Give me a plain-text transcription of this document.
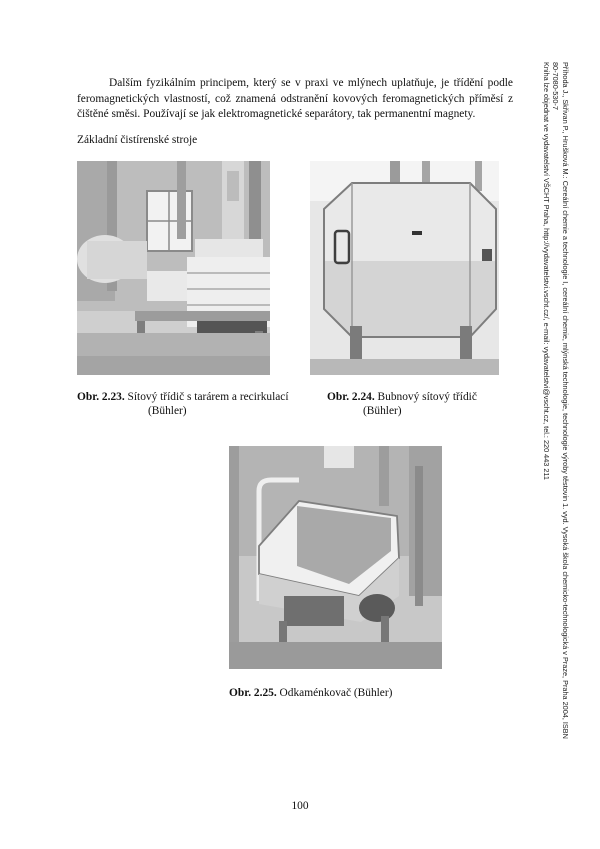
Dalším fyzikálním principem, který se v praxi ve mlýnech uplatňuje, je třídění podle feromagnetických vlastností, což znamená odstranění kovových feromagnetických příměsí z čištěné směsi. Používají se jak elektromagnetické separátory, tak permanentní magnety.
Základní čistírenské stroje
Obr. 2.23. Sítový třídič s tarárem a recirkulací
(Bühler)
Obr. 2.24. Bubnový sítový třídič
(Bühler)
Obr. 2.25. Odkaménkovač (Bühler)
100
Příhoda J., Skřivan P., Hrušková M.: Cereální chemie a technologie I, cereální chemie, mlýnská technologie, technologie výroby těstovin 1. vyd. Vysoká škola chemicko-technologická v Praze, Praha 2004, ISBN
80-7080-530-7
Kniha lze objednat ve vydavatelství VŠCHT Praha, http://vydavatelstvi.vscht.cz/, e-mail: vydavatelstvi@vscht.cz, tel.: 220 443 211
